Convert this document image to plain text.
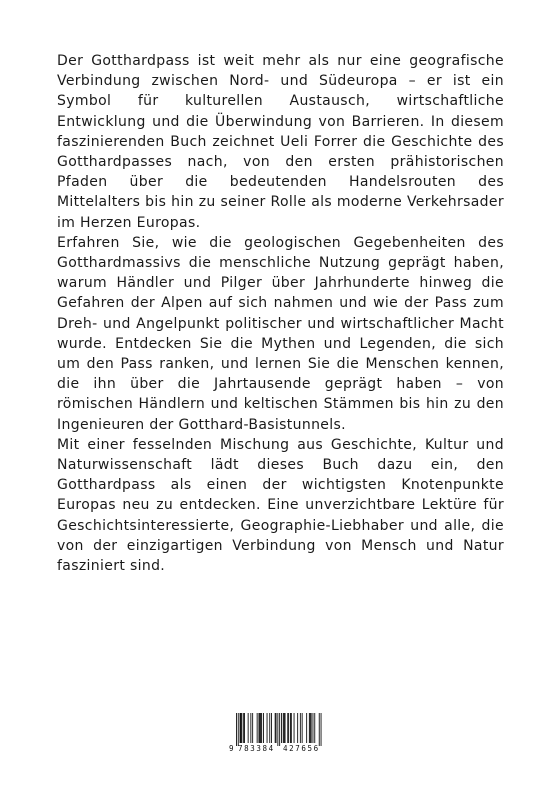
Der Gotthardpass ist weit mehr als nur eine geografische Verbindung zwischen Nord- und Südeuropa – er ist ein Symbol für kulturellen Austausch, wirtschaftliche Entwicklung und die Überwindung von Barrieren. In diesem faszinierenden Buch zeichnet Ueli Forrer die Geschichte des Gotthardpasses nach, von den ersten prähistorischen Pfaden über die bedeutenden Handelsrouten des Mittelalters bis hin zu seiner Rolle als moderne Verkehrsader im Herzen Europas.

Erfahren Sie, wie die geologischen Gegebenheiten des Gotthardmassivs die menschliche Nutzung geprägt haben, warum Händler und Pilger über Jahrhunderte hinweg die Gefahren der Alpen auf sich nahmen und wie der Pass zum Dreh- und Angelpunkt politischer und wirtschaftlicher Macht wurde. Entdecken Sie die Mythen und Legenden, die sich um den Pass ranken, und lernen Sie die Menschen kennen, die ihn über die Jahrtausende geprägt haben – von römischen Händlern und keltischen Stämmen bis hin zu den Ingenieuren der Gotthard-Basistunnels.

Mit einer fesselnden Mischung aus Geschichte, Kultur und Naturwissenschaft lädt dieses Buch dazu ein, den Gotthardpass als einen der wichtigsten Knotenpunkte Europas neu zu entdecken. Eine unverzichtbare Lektüre für Geschichtsinteressierte, Geographie-Liebhaber und alle, die von der einzigartigen Verbindung von Mensch und Natur fasziniert sind.

9 783384 427656
